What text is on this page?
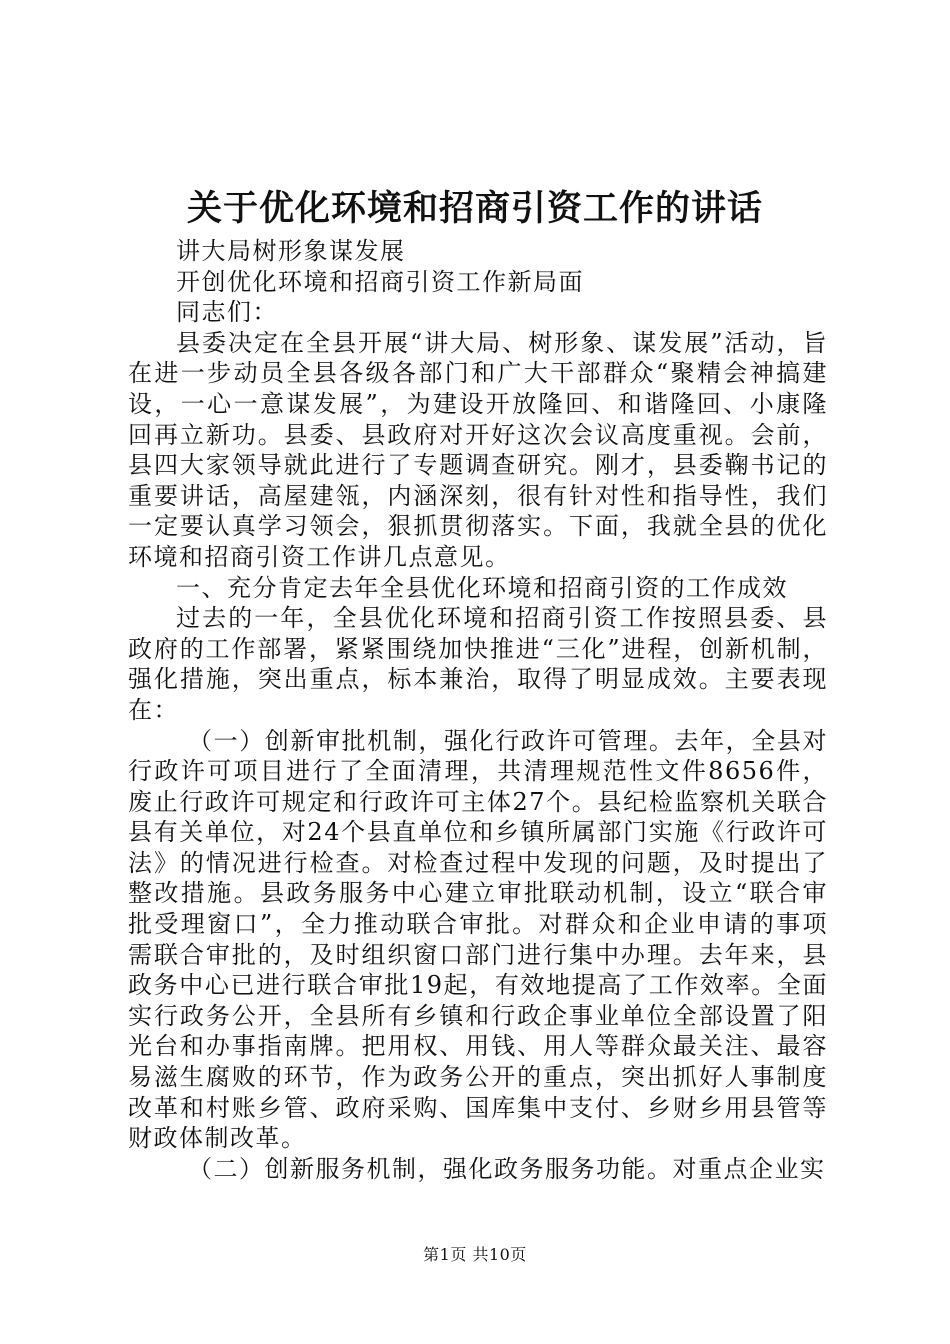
关于优化环境和招商引资工作的讲话

讲大局树形象谋发展

开创优化环境和招商引资工作新局面

同志们：

县委决定在全县开展“讲大局、树形象、谋发展”活动，旨在进一步动员全县各级各部门和广大干部群众“聚精会神搞建设，一心一意谋发展”，为建设开放隆回、和谐隆回、小康隆回再立新功。县委、县政府对开好这次会议高度重视。会前，县四大家领导就此进行了专题调查研究。刚才，县委鞠书记的重要讲话，高屋建瓴，内涵深刻，很有针对性和指导性，我们一定要认真学习领会，狠抓贯彻落实。下面，我就全县的优化环境和招商引资工作讲几点意见。

一、充分肯定去年全县优化环境和招商引资的工作成效

过去的一年，全县优化环境和招商引资工作按照县委、县政府的工作部署，紧紧围绕加快推进“三化”进程，创新机制，强化措施，突出重点，标本兼治，取得了明显成效。主要表现在：

（一）创新审批机制，强化行政许可管理。去年，全县对行政许可项目进行了全面清理，共清理规范性文件8656件，废止行政许可规定和行政许可主体27个。县纪检监察机关联合县有关单位，对24个县直单位和乡镇所属部门实施《行政许可法》的情况进行检查。对检查过程中发现的问题，及时提出了整改措施。县政务服务中心建立审批联动机制，设立“联合审批受理窗口”，全力推动联合审批。对群众和企业申请的事项需联合审批的，及时组织窗口部门进行集中办理。去年来，县政务中心已进行联合审批19起，有效地提高了工作效率。全面实行政务公开，全县所有乡镇和行政企事业单位全部设置了阳光台和办事指南牌。把用权、用钱、用人等群众最关注、最容易滋生腐败的环节，作为政务公开的重点，突出抓好人事制度改革和村账乡管、政府采购、国库集中支付、乡财乡用县管等财政体制改革。

（二）创新服务机制，强化政务服务功能。对重点企业实

第1页 共10页
